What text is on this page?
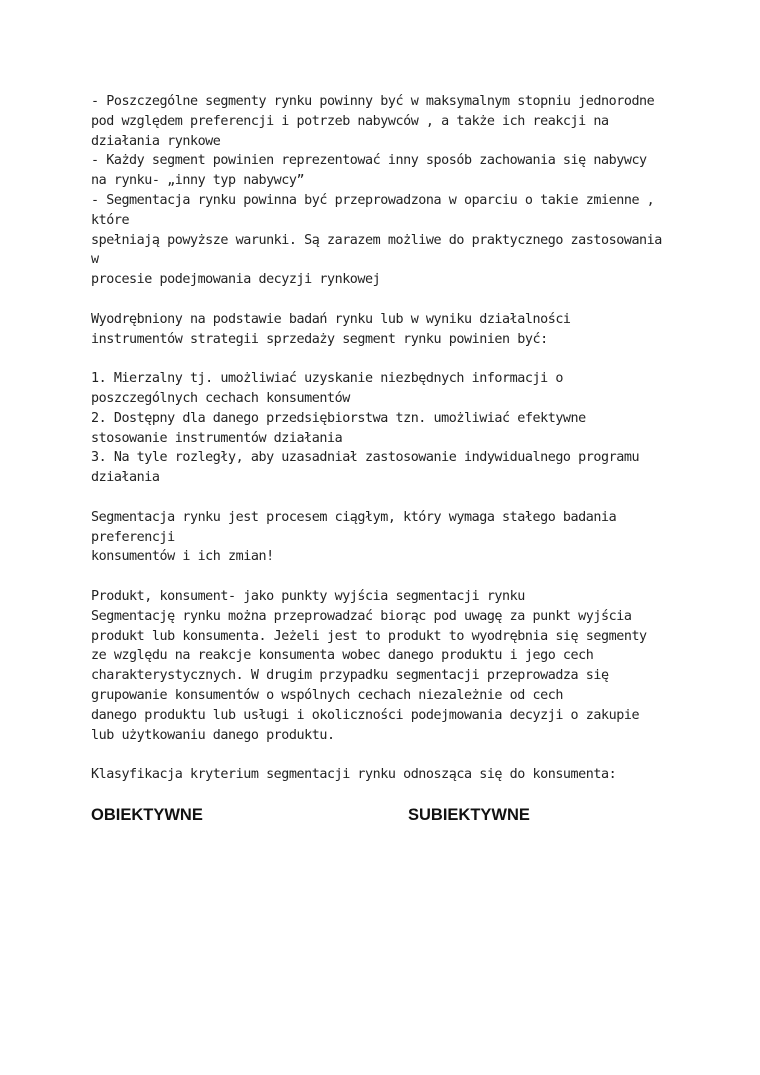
- Poszczególne segmenty rynku powinny być w maksymalnym stopniu jednorodne
pod względem preferencji i potrzeb nabywców , a także ich reakcji na
działania rynkowe
- Każdy segment powinien reprezentować inny sposób zachowania się nabywcy
na rynku- „inny typ nabywcy”
- Segmentacja rynku powinna być przeprowadzona w oparciu o takie zmienne ,
które
spełniają powyższe warunki. Są zarazem możliwe do praktycznego zastosowania
w
procesie podejmowania decyzji rynkowej
Wyodrębniony na podstawie badań rynku lub w wyniku działalności
instrumentów strategii sprzedaży segment rynku powinien być:
1. Mierzalny tj. umożliwiać uzyskanie niezbędnych informacji o
poszczególnych cechach konsumentów
2. Dostępny dla danego przedsiębiorstwa tzn. umożliwiać efektywne
stosowanie instrumentów działania
3. Na tyle rozległy, aby uzasadniał zastosowanie indywidualnego programu
działania
Segmentacja rynku jest procesem ciągłym, który wymaga stałego badania
preferencji
konsumentów i ich zmian!
Produkt, konsument- jako punkty wyjścia segmentacji rynku
Segmentację rynku można przeprowadzać biorąc pod uwagę za punkt wyjścia
produkt lub konsumenta. Jeżeli jest to produkt to wyodrębnia się segmenty
ze względu na reakcje konsumenta wobec danego produktu i jego cech
charakterystycznych. W drugim przypadku segmentacji przeprowadza się
grupowanie konsumentów o wspólnych cechach niezależnie od cech
danego produktu lub usługi i okoliczności podejmowania decyzji o zakupie
lub użytkowaniu danego produktu.
Klasyfikacja kryterium segmentacji rynku odnosząca się do konsumenta:
OBIEKTYWNE	SUBIEKTYWNE
